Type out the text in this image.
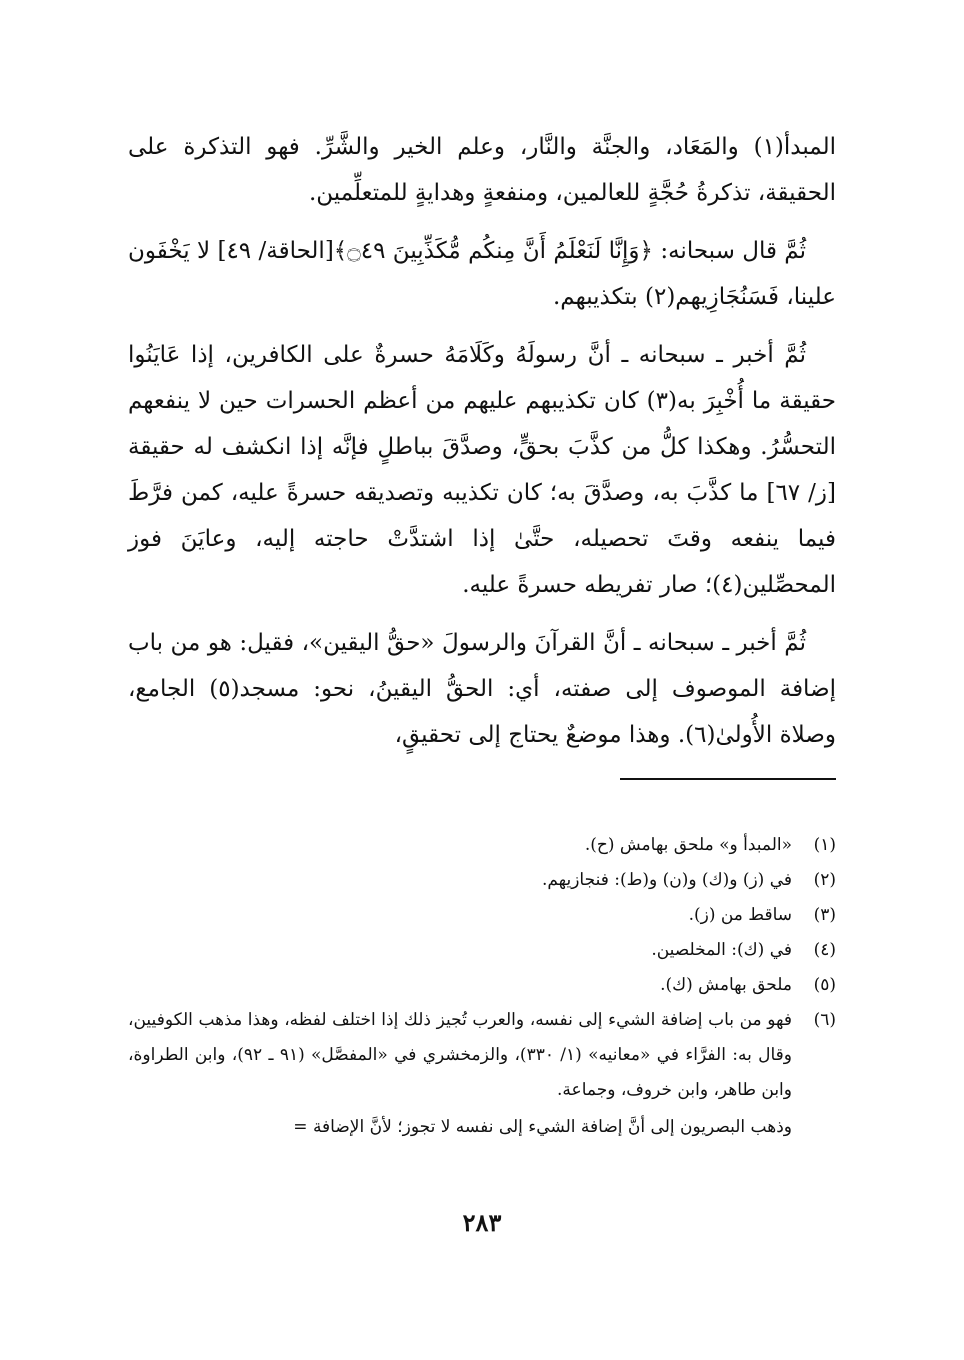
المبدأ(١) والمَعَاد، والجنَّة والنَّار، وعلم الخير والشَّرِّ. فهو التذكرة على الحقيقة، تذكرةُ حُجَّةٍ للعالمين، ومنفعةٍ وهدايةٍ للمتعلِّمين.

ثُمَّ قال سبحانه: ﴿وَإِنَّا لَنَعْلَمُ أَنَّ مِنكُم مُّكَذِّبِينَ ۝٤٩﴾[الحاقة/ ٤٩] لا يَخْفَون علينا، فَسَنُجَازِيهم(٢) بتكذيبهم.

ثُمَّ أخبر ـ سبحانه ـ أنَّ رسولَهُ وكَلَامَهُ حسرةٌ على الكافرين، إذا عَايَنُوا حقيقة ما أُخْبِرَ به(٣) كان تكذيبهم عليهم من أعظم الحسرات حين لا ينفعهم التحسُّرُ. وهكذا كلُّ من كذَّبَ بحقٍّ، وصدَّقَ بباطلٍ فإنَّه إذا انكشف له حقيقة [ز/ ٦٧] ما كذَّبَ به، وصدَّقَ به؛ كان تكذيبه وتصديقه حسرةً عليه، كمن فرَّطَ فيما ينفعه وقتَ تحصيله، حتَّىٰ إذا اشتدَّتْ حاجته إليه، وعايَنَ فوز المحصِّلين(٤)؛ صار تفريطه حسرةً عليه.

ثُمَّ أخبر ـ سبحانه ـ أنَّ القرآنَ والرسولَ «حقُّ اليقين»، فقيل: هو من باب إضافة الموصوف إلى صفته، أي: الحقُّ اليقينُ، نحو: مسجد(٥) الجامع، وصلاة الأُولىٰ(٦). وهذا موضعٌ يحتاج إلى تحقيقٍ،

(١)
«المبدأ و» ملحق بهامش (ح).
(٢)
في (ز) و(ك) و(ن) و(ط): فنجازيهم.
(٣)
ساقط من (ز).
(٤)
في (ك): المخلصين.
(٥)
ملحق بهامش (ك).
(٦)
فهو من باب إضافة الشيء إلى نفسه، والعرب تُجيز ذلك إذا اختلف لفظه، وهذا مذهب الكوفيين، وقال به: الفرَّاء في «معانيه» (١/ ٣٣٠)، والزمخشري في «المفصَّل» (٩١ ـ ٩٢)، وابن الطراوة، وابن طاهر، وابن خروف، وجماعة.
وذهب البصريون إلى أنَّ إضافة الشيء إلى نفسه لا تجوز؛ لأنَّ الإضافة =
٢٨٣
